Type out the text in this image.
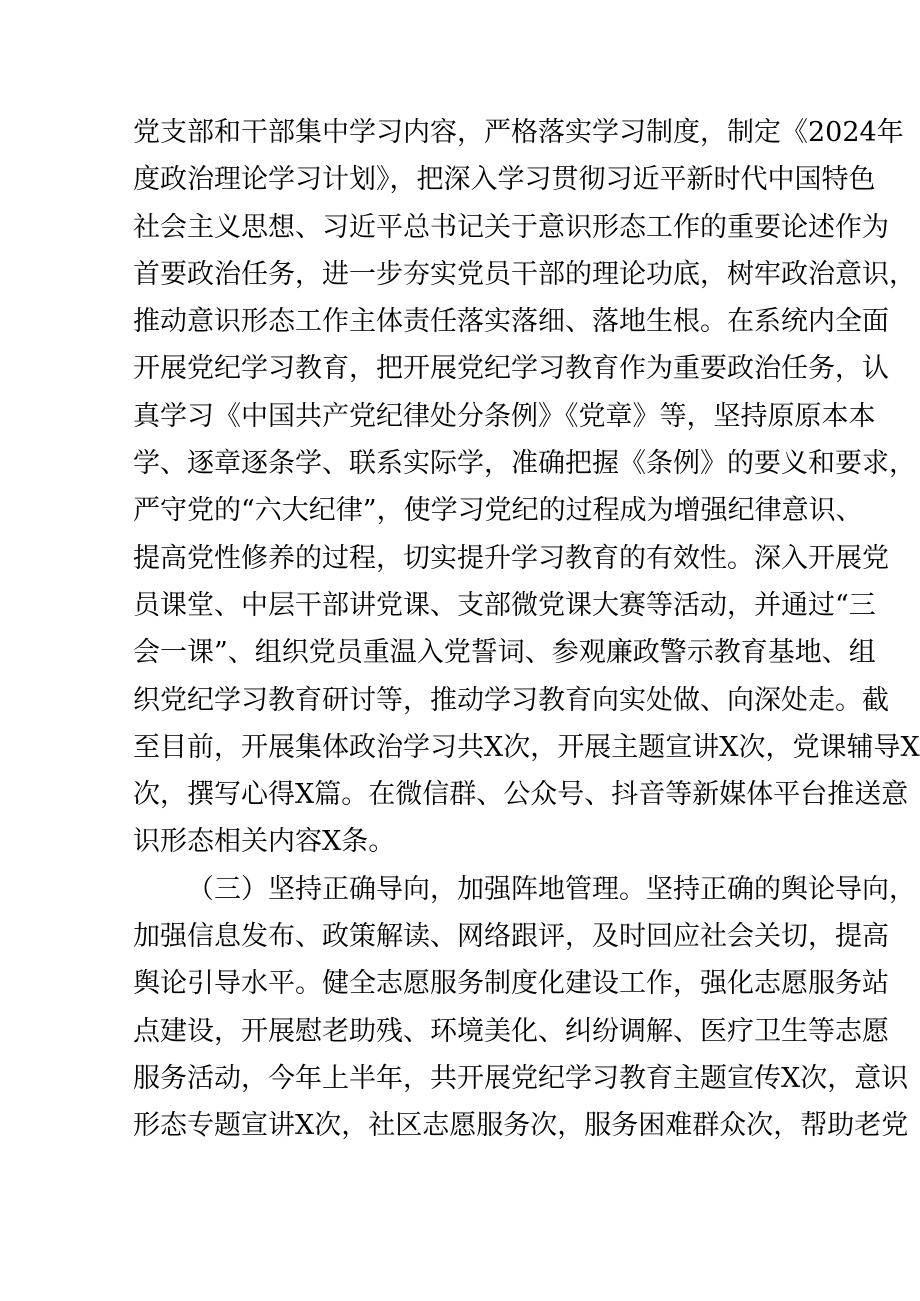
党支部和干部集中学习内容，严格落实学习制度，制定《2024年
度政治理论学习计划》，把深入学习贯彻习近平新时代中国特色
社会主义思想、习近平总书记关于意识形态工作的重要论述作为
首要政治任务，进一步夯实党员干部的理论功底，树牢政治意识，
推动意识形态工作主体责任落实落细、落地生根。在系统内全面
开展党纪学习教育，把开展党纪学习教育作为重要政治任务，认
真学习《中国共产党纪律处分条例》《党章》等，坚持原原本本
学、逐章逐条学、联系实际学，准确把握《条例》的要义和要求，
严守党的“六大纪律”，使学习党纪的过程成为增强纪律意识、
提高党性修养的过程，切实提升学习教育的有效性。深入开展党
员课堂、中层干部讲党课、支部微党课大赛等活动，并通过“三
会一课”、组织党员重温入党誓词、参观廉政警示教育基地、组
织党纪学习教育研讨等，推动学习教育向实处做、向深处走。截
至目前，开展集体政治学习共X次，开展主题宣讲X次，党课辅导X
次，撰写心得X篇。在微信群、公众号、抖音等新媒体平台推送意
识形态相关内容X条。
（三）坚持正确导向，加强阵地管理。坚持正确的舆论导向，
加强信息发布、政策解读、网络跟评，及时回应社会关切，提高
舆论引导水平。健全志愿服务制度化建设工作，强化志愿服务站
点建设，开展慰老助残、环境美化、纠纷调解、医疗卫生等志愿
服务活动，今年上半年，共开展党纪学习教育主题宣传X次，意识
形态专题宣讲X次，社区志愿服务次，服务困难群众次，帮助老党
